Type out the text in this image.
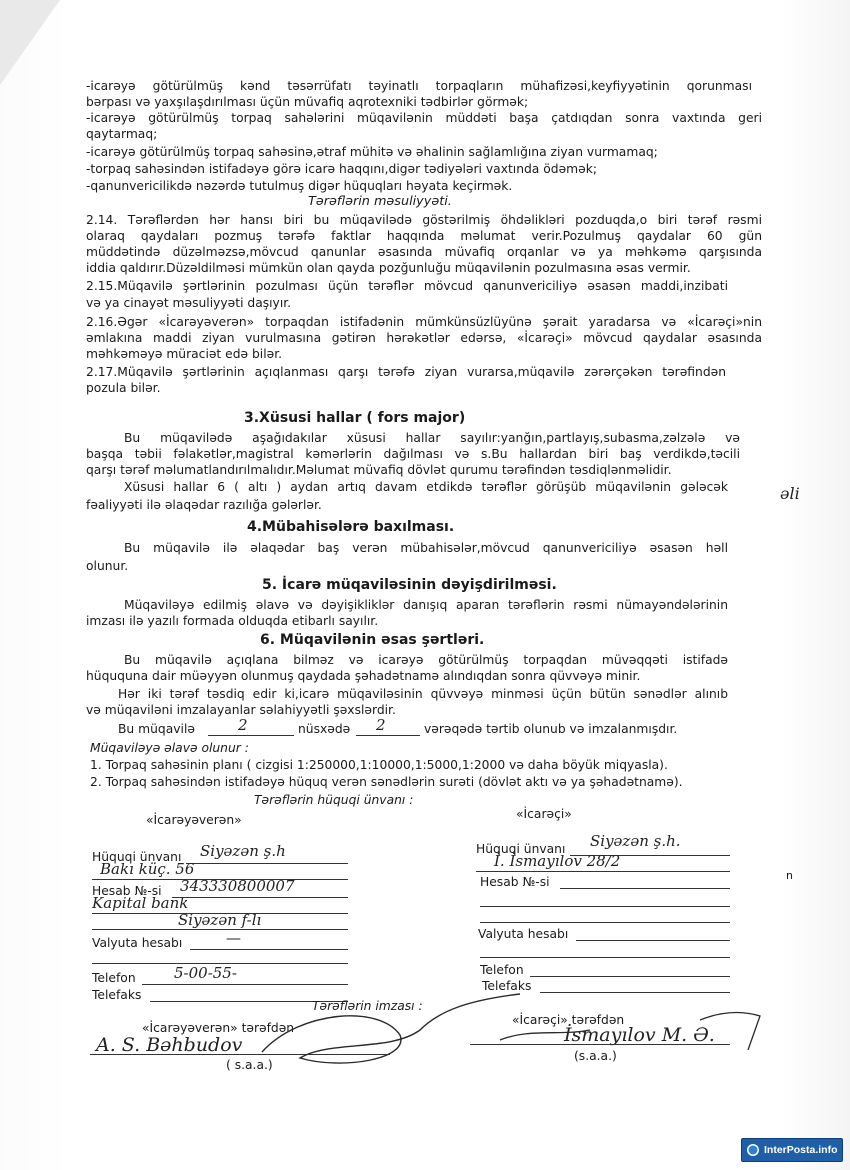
-icarəyə götürülmüş kənd təsərrüfatı təyinatlı torpaqların mühafizəsi,keyfiyyətinin qorunması
bərpası və yaxşılaşdırılması üçün müvafiq aqrotexniki tədbirlər görmək;
-icarəyə götürülmüş torpaq sahələrini müqavilənin müddəti başa çatdıqdan sonra vaxtında geri
qaytarmaq;
-icarəyə götürülmüş torpaq sahəsinə,ətraf mühitə və əhalinin sağlamlığına ziyan vurmamaq;
-torpaq sahəsindən istifadəyə görə icarə haqqını,digər tədiyələri vaxtında ödəmək;
-qanunvericilikdə nəzərdə tutulmuş digər hüquqları həyata keçirmək.
Tərəflərin məsuliyyəti.
2.14. Tərəflərdən hər hansı biri bu müqavilədə göstərilmiş öhdəlikləri pozduqda,o biri tərəf rəsmi
olaraq qaydaları pozmuş tərəfə faktlar haqqında məlumat verir.Pozulmuş qaydalar 60 gün
müddətində düzəlməzsə,mövcud qanunlar əsasında müvafiq orqanlar və ya məhkəmə qarşısında
iddia qaldırır.Düzəldilməsi mümkün olan qayda pozğunluğu müqavilənin pozulmasına əsas vermir.
2.15.Müqavilə şərtlərinin pozulması üçün tərəflər mövcud qanunvericiliyə əsasən maddi,inzibati
və ya cinayət məsuliyyəti daşıyır.
2.16.Əgər «İcarəyəverən» torpaqdan istifadənin mümkünsüzlüyünə şərait yaradarsa və «İcarəçi»nin
əmlakına maddi ziyan vurulmasına gətirən hərəkətlər edərsə, «İcarəçi» mövcud qaydalar əsasında
məhkəməyə müraciət edə bilər.
2.17.Müqavilə şərtlərinin açıqlanması qarşı tərəfə ziyan vurarsa,müqavilə zərərçəkən tərəfindən
pozula bilər.
3.Xüsusi hallar ( fors major)
Bu müqavilədə aşağıdakılar xüsusi hallar sayılır:yanğın,partlayış,subasma,zəlzələ və
başqa təbii fəlakətlər,magistral kəmərlərin dağılması və s.Bu hallardan biri baş verdikdə,təcili
qarşı tərəf məlumatlandırılmalıdır.Məlumat müvafiq dövlət qurumu tərəfindən təsdiqlənməlidir.
Xüsusi hallar 6 ( altı ) aydan artıq davam etdikdə tərəflər görüşüb müqavilənin gələcək
fəaliyyəti ilə əlaqədar razılığa gələrlər.
əli
4.Mübahisələrə baxılması.
Bu müqavilə ilə əlaqədar baş verən mübahisələr,mövcud qanunvericiliyə əsasən həll
olunur.
5. İcarə müqaviləsinin dəyişdirilməsi.
Müqaviləyə edilmiş əlavə və dəyişikliklər danışıq aparan tərəflərin rəsmi nümayəndələrinin
imzası ilə yazılı formada olduqda etibarlı sayılır.
6. Müqavilənin əsas şərtləri.
Bu müqavilə açıqlana bilməz və icarəyə götürülmüş torpaqdan müvəqqəti istifadə
hüququna dair müəyyən olunmuş qaydada şəhadətnamə alındıqdan sonra qüvvəyə minir.
Hər iki tərəf təsdiq edir ki,icarə müqaviləsinin qüvvəyə minməsi üçün bütün sənədlər alınıb
və müqaviləni imzalayanlar səlahiyyətli şəxslərdir.
Bu müqavilə	2	nüsxədə 2	vərəqədə tərtib olunub və imzalanmışdır.
Müqaviləyə əlavə olunur :
1. Torpaq sahəsinin planı ( cizgisi 1:250000,1:10000,1:5000,1:2000 və daha böyük miqyasla).
2. Torpaq sahəsindən istifadəyə hüquq verən sənədlərin surəti (dövlət aktı və ya şəhadətnamə).
Tərəflərin hüquqi ünvanı :
«İcarəyəverən»	«İcarəçi»
Hüquqi ünvanı Siyəzən ş.h
Bakı küç. 56
Hesab №-si 343330800007
Kapital bank
Siyəzən f-lı
Valyuta hesabı	—
Telefon	5-00-55-
Telefaks
Hüquqi ünvanı Siyəzən ş.h.
İ. İsmayılov 28/2
Hesab №-si
Valyuta hesabı
Telefon
Telefaks
n
Tərəflərin imzası :
«İcarəyəverən» tərəfdən
A. S. Bəhbudov
( s.a.a.)
«İcarəçi» tərəfdən
İsmayılov M. Ə.
(s.a.a.)
InterPosta.info
